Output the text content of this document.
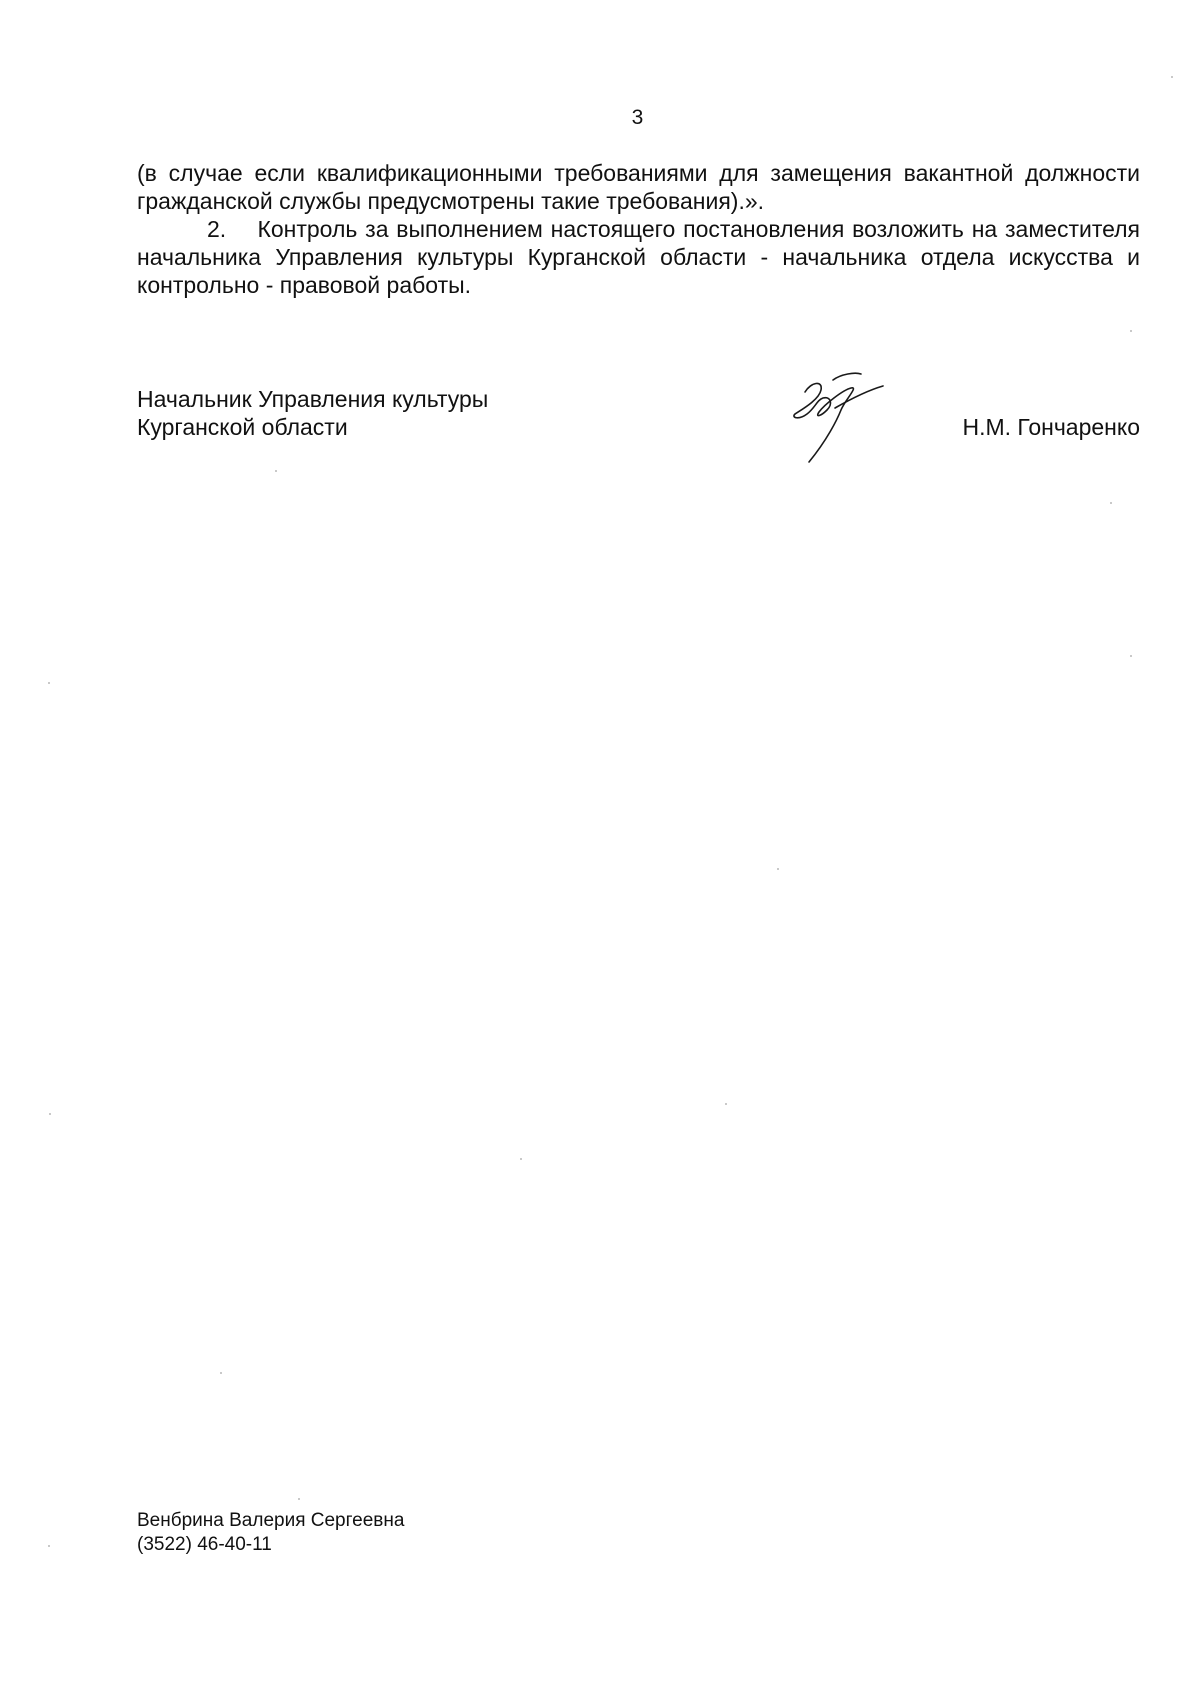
3
(в случае если квалификационными требованиями для замещения вакантной должности гражданской службы предусмотрены такие требования).».
2. Контроль за выполнением настоящего постановления возложить на заместителя начальника Управления культуры Курганской области - начальника отдела искусства и контрольно - правовой работы.
Начальник Управления культуры
Курганской области	Н.М. Гончаренко
Венбрина Валерия Сергеевна
(3522) 46-40-11
